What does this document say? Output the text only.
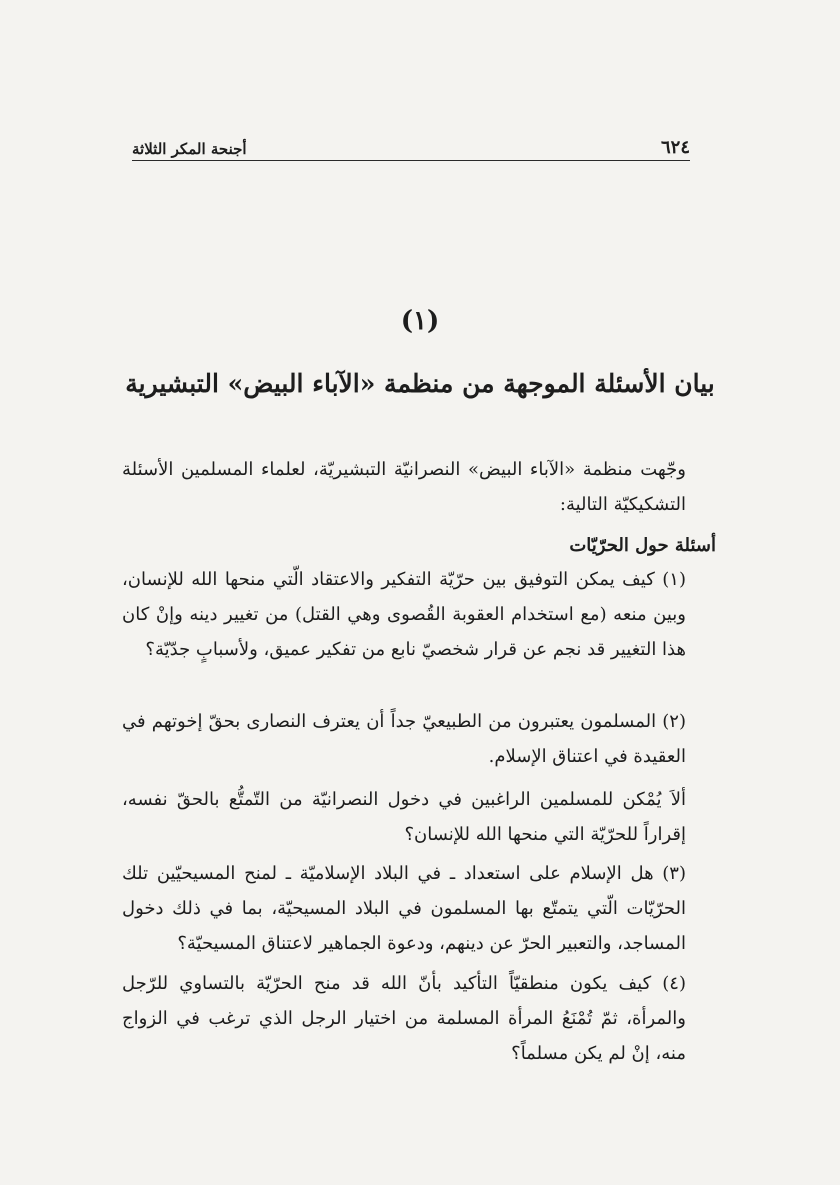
٦٢٤
أجنحة المكر الثلاثة
(١)
بيان الأسئلة الموجهة من منظمة «الآباء البيض» التبشيرية

وجّهت منظمة «الآباء البيض» النصرانيّة التبشيريّة، لعلماء المسلمين الأسئلة التشكيكيّة التالية:

أسئلة حول الحرّيّات

(١) كيف يمكن التوفيق بين حرّيّة التفكير والاعتقاد الّتي منحها الله للإنسان، وبين منعه (مع استخدام العقوبة القُصوى وهي القتل) من تغيير دينه وإنْ كان هذا التغيير قد نجم عن قرار شخصيّ نابع من تفكير عميق، ولأسبابٍ جدّيّة؟

(٢) المسلمون يعتبرون من الطبيعيّ جداً أن يعترف النصارى بحقّ إخوتهم في العقيدة في اعتناق الإسلام.

ألاَ يُمْكن للمسلمين الراغبين في دخول النصرانيّة من التّمتُّع بالحقّ نفسه، إقراراً للحرّيّة التي منحها الله للإنسان؟

(٣) هل الإسلام على استعداد ـ في البلاد الإسلاميّة ـ لمنح المسيحيّين تلك الحرّيّات الّتي يتمتّع بها المسلمون في البلاد المسيحيّة، بما في ذلك دخول المساجد، والتعبير الحرّ عن دينهم، ودعوة الجماهير لاعتناق المسيحيّة؟

(٤) كيف يكون منطقيّاً التأكيد بأنّ الله قد منح الحرّيّة بالتساوي للرّجل والمرأة، ثمّ تُمْنَعُ المرأة المسلمة من اختيار الرجل الذي ترغب في الزواج منه، إنْ لم يكن مسلماً؟
